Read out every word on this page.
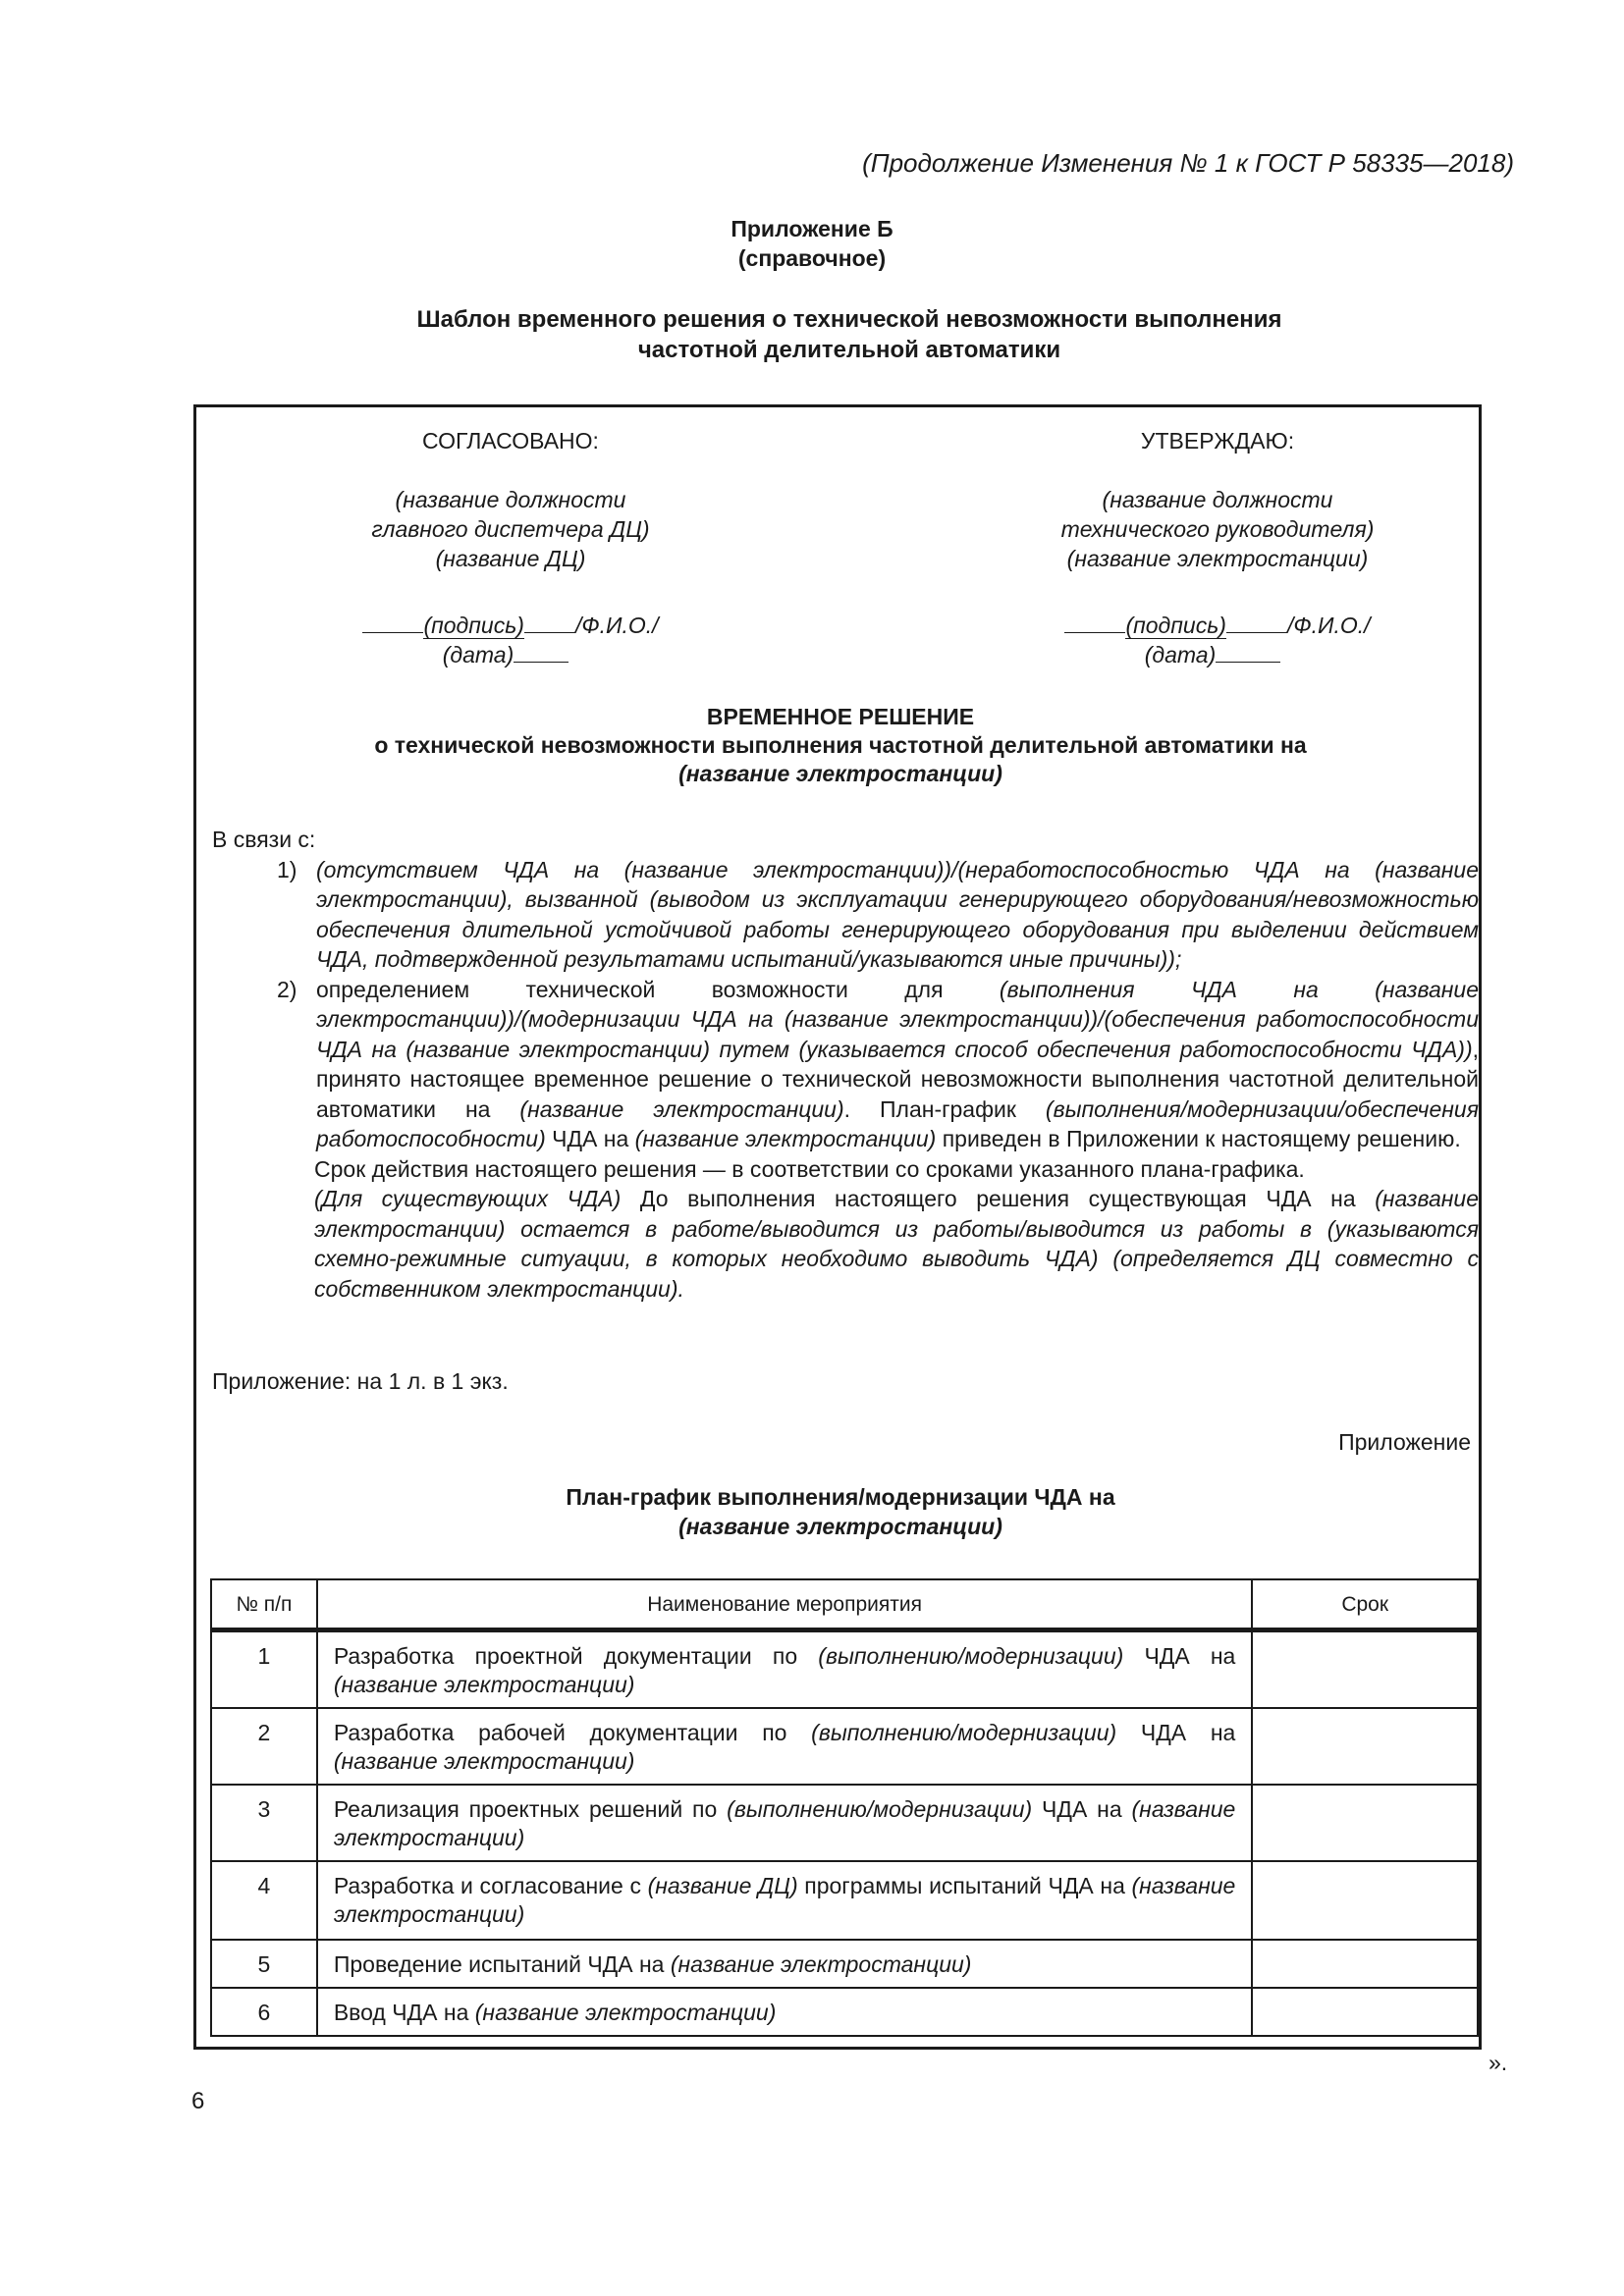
(Продолжение Изменения № 1 к ГОСТ Р 58335—2018)
Приложение Б
(справочное)
Шаблон временного решения о технической невозможности выполнения
частотной делительной автоматики
СОГЛАСОВАНО:
(название должности
главного диспетчера ДЦ)
(название ДЦ)
(подпись) /Ф.И.О./
(дата)
УТВЕРЖДАЮ:
(название должности
технического руководителя)
(название электростанции)
(подпись)	/Ф.И.О./
(дата)
ВРЕМЕННОЕ РЕШЕНИЕ
о технической невозможности выполнения частотной делительной автоматики на
(название электростанции)

В связи с:

1) (отсутствием ЧДА на (название электростанции))/(неработоспособностью ЧДА на (название электростанции), вызванной (выводом из эксплуатации генерирующего оборудования/невозможностью обеспечения длительной устойчивой работы генерирующего оборудования при выделении действием ЧДА, подтвержденной результатами испытаний/указываются иные причины));

2) определением технической возможности для (выполнения ЧДА на (название электростанции))/(модернизации ЧДА на (название электростанции))/(обеспечения работоспособности ЧДА на (название электростанции) путем (указывается способ обеспечения работоспособности ЧДА)), принято настоящее временное решение о технической невозможности выполнения частотной делительной автоматики на (название электростанции). План-график (выполнения/модернизации/обеспечения работоспособности) ЧДА на (название электростанции) приведен в Приложении к настоящему решению.

Срок действия настоящего решения — в соответствии со сроками указанного плана-графика.

(Для существующих ЧДА) До выполнения настоящего решения существующая ЧДА на (название электростанции) остается в работе/выводится из работы/выводится из работы в (указываются схемно-режимные ситуации, в которых необходимо выводить ЧДА) (определяется ДЦ совместно с собственником электростанции).

Приложение: на 1 л. в 1 экз.
Приложение
План-график выполнения/модернизации ЧДА на
(название электростанции)
№ п/п	Наименование мероприятия	Срок
1	Разработка проектной документации по (выполнению/модернизации) ЧДА на (название электростанции)	
2	Разработка рабочей документации по (выполнению/модернизации) ЧДА на (название электростанции)	
3	Реализация проектных решений по (выполнению/модернизации) ЧДА на (название электростанции)	
4	Разработка и согласование с (название ДЦ) программы испытаний ЧДА на (название электростанции)	
5	Проведение испытаний ЧДА на (название электростанции)	
6	Ввод ЧДА на (название электростанции)	
».
6
